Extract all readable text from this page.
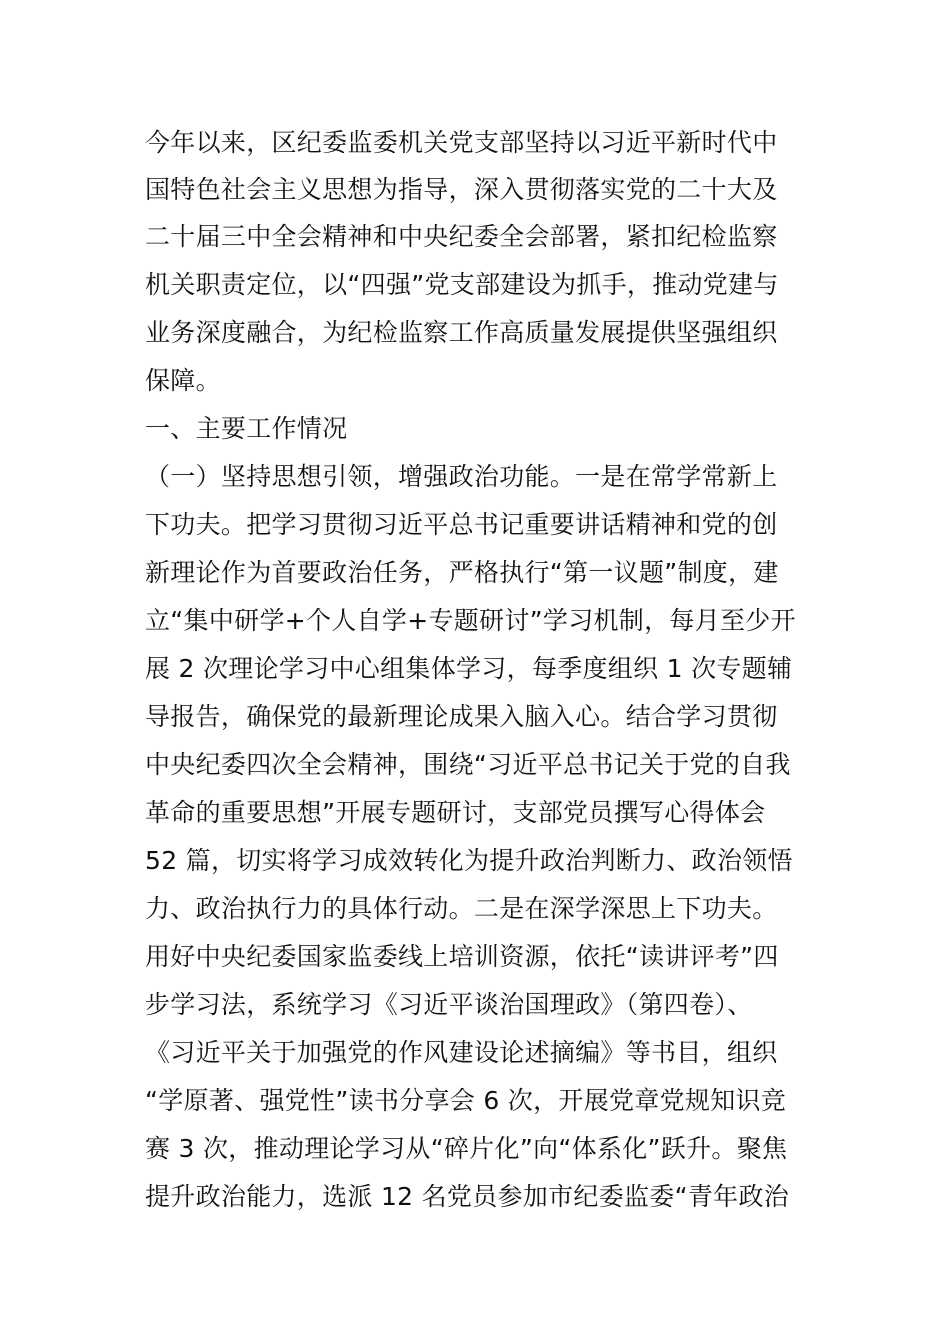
今年以来，区纪委监委机关党支部坚持以习近平新时代中
国特色社会主义思想为指导，深入贯彻落实党的二十大及
二十届三中全会精神和中央纪委全会部署，紧扣纪检监察
机关职责定位，以“四强”党支部建设为抓手，推动党建与
业务深度融合，为纪检监察工作高质量发展提供坚强组织
保障。
一、主要工作情况
（一）坚持思想引领，增强政治功能。一是在常学常新上
下功夫。把学习贯彻习近平总书记重要讲话精神和党的创
新理论作为首要政治任务，严格执行“第一议题”制度，建
立“集中研学+个人自学+专题研讨”学习机制，每月至少开
展 2 次理论学习中心组集体学习，每季度组织 1 次专题辅
导报告，确保党的最新理论成果入脑入心。结合学习贯彻
中央纪委四次全会精神，围绕“习近平总书记关于党的自我
革命的重要思想”开展专题研讨，支部党员撰写心得体会
52 篇，切实将学习成效转化为提升政治判断力、政治领悟
力、政治执行力的具体行动。二是在深学深思上下功夫。
用好中央纪委国家监委线上培训资源，依托“读讲评考”四
步学习法，系统学习《习近平谈治国理政》（第四卷）、
《习近平关于加强党的作风建设论述摘编》等书目，组织
“学原著、强党性”读书分享会 6 次，开展党章党规知识竞
赛 3 次，推动理论学习从“碎片化”向“体系化”跃升。聚焦
提升政治能力，选派 12 名党员参加市纪委监委“青年政治
